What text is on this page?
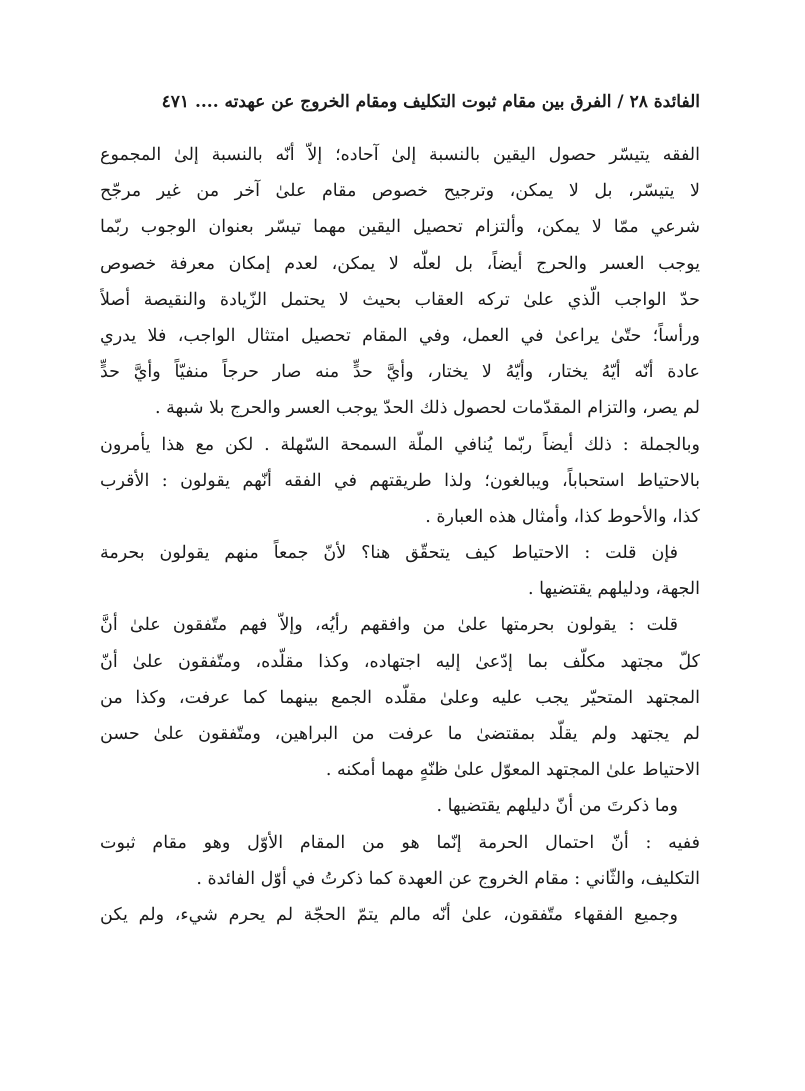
الفائدة ٢٨ / الفرق بين مقام ثبوت التكليف ومقام الخروج عن عهدته .... ٤٧١
الفقه يتيسّر حصول اليقين بالنسبة إلىٰ آحاده؛ إلاّ أنّه بالنسبة إلىٰ المجموع
لا يتيسّر، بل لا يمكن، وترجيح خصوص مقام علىٰ آخر من غير مرجّح
شرعي ممّا لا يمكن، وألتزام تحصيل اليقين مهما تيسّر بعنوان الوجوب ربّما
يوجب العسر والحرج أيضاً، بل لعلّه لا يمكن، لعدم إمكان معرفة خصوص
حدّ الواجب الّذي علىٰ تركه العقاب بحيث لا يحتمل الزّيادة والنقيصة أصلاً
ورأساً؛ حتّىٰ يراعىٰ في العمل، وفي المقام تحصيل امتثال الواجب، فلا يدري
عادة أنّه أيّهُ يختار، وأيّهُ لا يختار، وأيَّ حدٍّ منه صار حرجاً منفيّاً وأيَّ حدٍّ
لم يصر، والتزام المقدّمات لحصول ذلك الحدّ يوجب العسر والحرج بلا شبهة .
وبالجملة : ذلك أيضاً ربّما يُنافي الملّة السمحة السّهلة . لكن مع هذا يأمرون
بالاحتياط استحباباً، ويبالغون؛ ولذا طريقتهم في الفقه أنّهم يقولون : الأقرب
كذا، والأحوط كذا، وأمثال هذه العبارة .
فإن قلت : الاحتياط كيف يتحقّق هنا؟ لأنّ جمعاً منهم يقولون بحرمة
الجهة، ودليلهم يقتضيها .
قلت : يقولون بحرمتها علىٰ من وافقهم رأيُه، وإلاّ فهم متّفقون علىٰ أنَّ
كلّ مجتهد مكلّف بما إدّعىٰ إليه اجتهاده، وكذا مقلّده، ومتّفقون علىٰ أنّ
المجتهد المتحيّر يجب عليه وعلىٰ مقلّده الجمع بينهما كما عرفت، وكذا من
لم يجتهد ولم يقلّد بمقتضىٰ ما عرفت من البراهين، ومتّفقون علىٰ حسن
الاحتياط علىٰ المجتهد المعوّل علىٰ ظنّهٍ مهما أمكنه .
وما ذكرتَ من أنّ دليلهم يقتضيها .
ففيه : أنّ احتمال الحرمة إنّما هو من المقام الأوّل وهو مقام ثبوت
التكليف، والثّاني : مقام الخروج عن العهدة كما ذكرتُ في أوّل الفائدة .
وجميع الفقهاء متّفقون، علىٰ أنّه مالم يتمّ الحجّة لم يحرم شيء، ولم يكن
